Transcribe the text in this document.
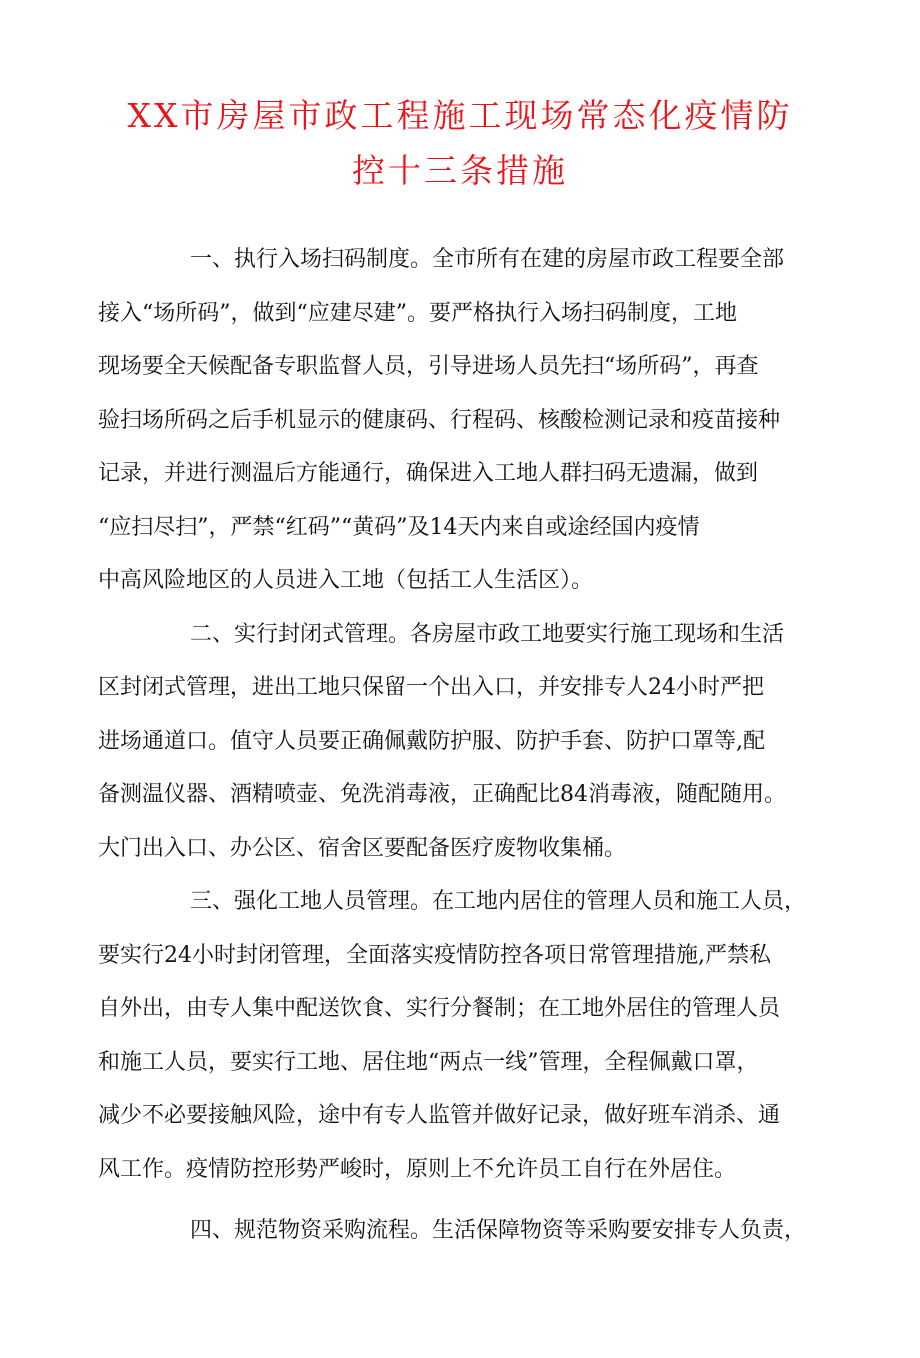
XX市房屋市政工程施工现场常态化疫情防
控十三条措施
一、执行入场扫码制度。全市所有在建的房屋市政工程要全部
接入“场所码”，做到“应建尽建”。要严格执行入场扫码制度，工地
现场要全天候配备专职监督人员，引导进场人员先扫“场所码”，再查
验扫场所码之后手机显示的健康码、行程码、核酸检测记录和疫苗接种
记录，并进行测温后方能通行，确保进入工地人群扫码无遗漏，做到
“应扫尽扫”，严禁“红码”“黄码”及14天内来自或途经国内疫情
中高风险地区的人员进入工地（包括工人生活区）。
二、实行封闭式管理。各房屋市政工地要实行施工现场和生活
区封闭式管理，进出工地只保留一个出入口，并安排专人24小时严把
进场通道口。值守人员要正确佩戴防护服、防护手套、防护口罩等,配
备测温仪器、酒精喷壶、免洗消毒液，正确配比84消毒液，随配随用。
大门出入口、办公区、宿舍区要配备医疗废物收集桶。
三、强化工地人员管理。在工地内居住的管理人员和施工人员，
要实行24小时封闭管理，全面落实疫情防控各项日常管理措施,严禁私
自外出，由专人集中配送饮食、实行分餐制；在工地外居住的管理人员
和施工人员，要实行工地、居住地“两点一线”管理，全程佩戴口罩，
减少不必要接触风险，途中有专人监管并做好记录，做好班车消杀、通
风工作。疫情防控形势严峻时，原则上不允许员工自行在外居住。
四、规范物资采购流程。生活保障物资等采购要安排专人负责，
